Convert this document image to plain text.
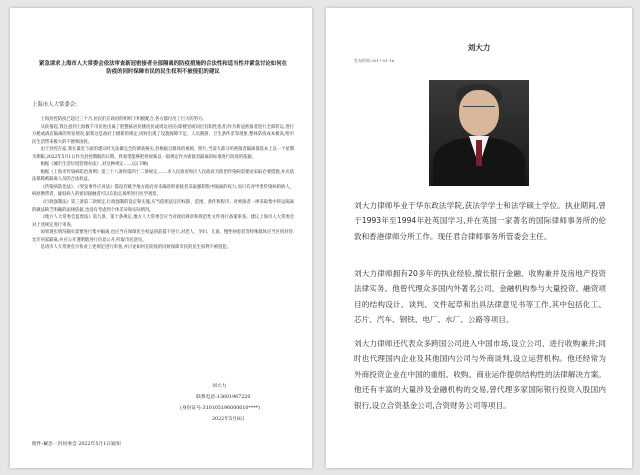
紧急请求上海市人大常委会依法审查新冠密接者全部隔离的防疫措施的合法性和适当性并紧急讨论如何在防疫的同时保障市民的民生权利不被侵犯的建议
上海市人大常委会:

上海封控防疫已超过三个月,居民们在政府的组织下积极配合,各方都付出了巨大的努力。

从疫情起,我注意到上海数千市民进出离了把整栋居民楼居民或周边居民(即楼里或同层有阳性患者)作为新冠密接者进行全部转运,进行方舱或酒店隔离的突发情况,据我这是政府上级新的规定,同时出现了设施保障不足、人员拥挤、卫生条件差等现象,整体防疫成本极高,给市民生活带来极大的不便和困扰。

由于封控在家,我在最近下面的建议时无法做完全的调查核实,但根据自媒体的视频、照片,当前大部分的密接者隔离都基本上以一个星期为期限,2022年5月1日作为封控期限的日期。我希望能够把将视频以一般规定作为密接者隔离的标准进行防疫的依据。

根据《城市生活垃圾管理办法》,对这种规定……(以下略)

根据《上海市传染病防治条例》第三十八条和第四十二条规定,……市人民政府和区人民政府为防治传染病需要而采取必要措施,并应依法保障被隔离人员的合法权益。

《传染病防治法》、《突发事件应对法》都没有赋予地方政府对未确诊的密接者采取强制集中隔离的权力,而只有对甲类传染病的病人、病原携带者、疑似病人的密切接触者可以在指定场所进行医学观察。

《行政强制法》第三条第二款规定,行政强制的设定和实施,应当依照法定的权限、范围、条件和程序。对密接者一律采取集中转运隔离的做法缺乏明确的法律依据,也没有考虑到个体差异和实际情况。

《地方人大常委会监督法》第九条、第十条规定,地方人大常委会应当对政府规章和规范性文件进行备案审查。建议上海市人大常委会对上述规定进行审查。

如果现实情况确实需要进行集中隔离,也应当在保障民生权益的前提下进行,对老人、孕妇、儿童、慢性病患者等特殊群体应当区别对待,允许居家隔离,并应公开透明地进行信息公开,听取市民意见。

恳请市人大常委会尽快对上述规定进行审查,并讨论如何在防疫的同时保障市民的民生权利不被侵犯。

刘大力
联系电话:13601967220
(身份证号:310105196000010****)
2022年5月8日
附件:紧急一封居委会 2022年5月1日通知
刘大力
发布时间:2017-01-16

刘大力律师毕业于华东政法学院,获法学学士和法学硕士学位。执业期间,曾于1993年至1994年赴英国学习,并在英国一家著名的国际律师事务所的伦敦和香港律师分所工作。现任君合律师事务所管委会主任。

刘大力律师拥有20多年的执业经验,擅长银行金融、收购兼并及房地产投资法律实务。他曾代理众多国内外著名公司、金融机构参与大量投资、融资项目的结构设计、谈判、文件起草和出具法律意见书等工作,其中包括化工、芯片、汽车、钢铁、电厂、水厂、公路等项目。

刘大力律师还代表众多跨国公司进入中国市场,设立公司、进行收购兼并;同时也代理国内企业及其他国内公司与外商谈判,设立运营机构。他还经常为外商投资企业在中国的重组、收购、商业运作提供结构性的法律解决方案。他还有丰富的大量涉及金融机构的交易,曾代理多家国际银行投资入股国内银行,设立合资基金公司,合资财务公司等项目。
